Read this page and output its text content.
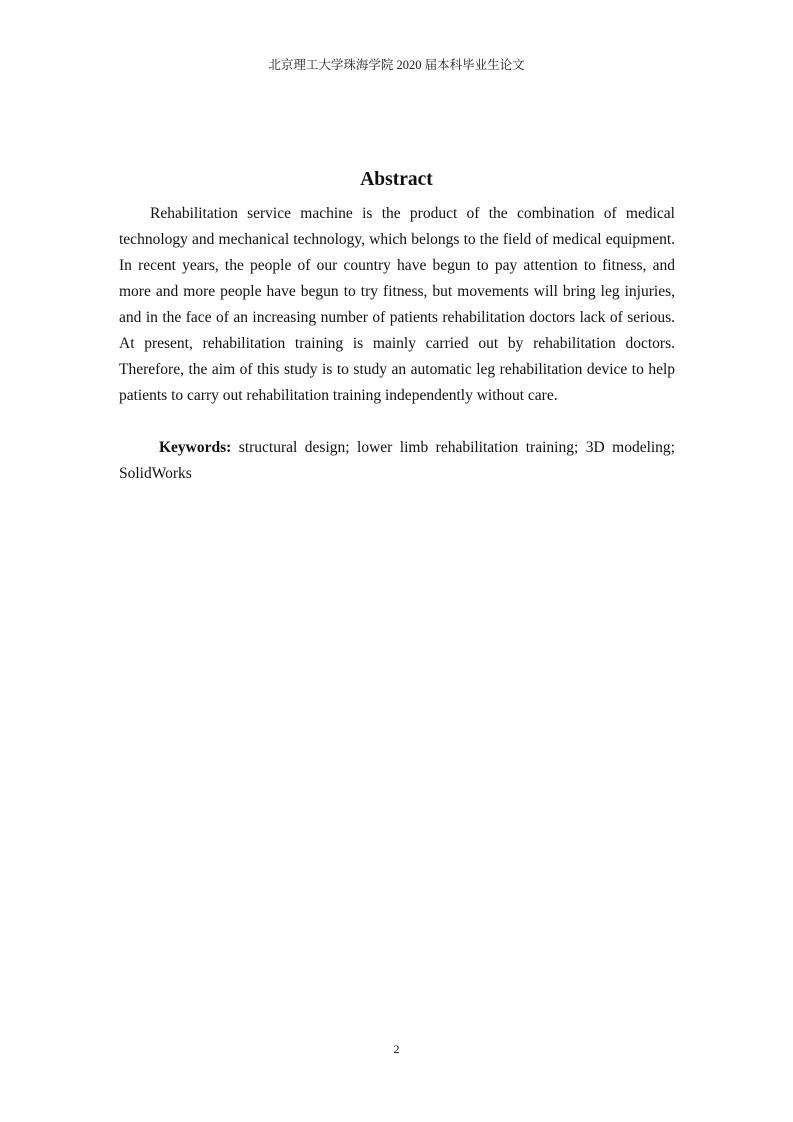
北京理工大学珠海学院 2020 届本科毕业生论文
Abstract

Rehabilitation service machine is the product of the combination of medical technology and mechanical technology, which belongs to the field of medical equipment. In recent years, the people of our country have begun to pay attention to fitness, and more and more people have begun to try fitness, but movements will bring leg injuries, and in the face of an increasing number of patients rehabilitation doctors lack of serious. At present, rehabilitation training is mainly carried out by rehabilitation doctors. Therefore, the aim of this study is to study an automatic leg rehabilitation device to help patients to carry out rehabilitation training independently without care.

Keywords: structural design; lower limb rehabilitation training; 3D modeling; SolidWorks

2
